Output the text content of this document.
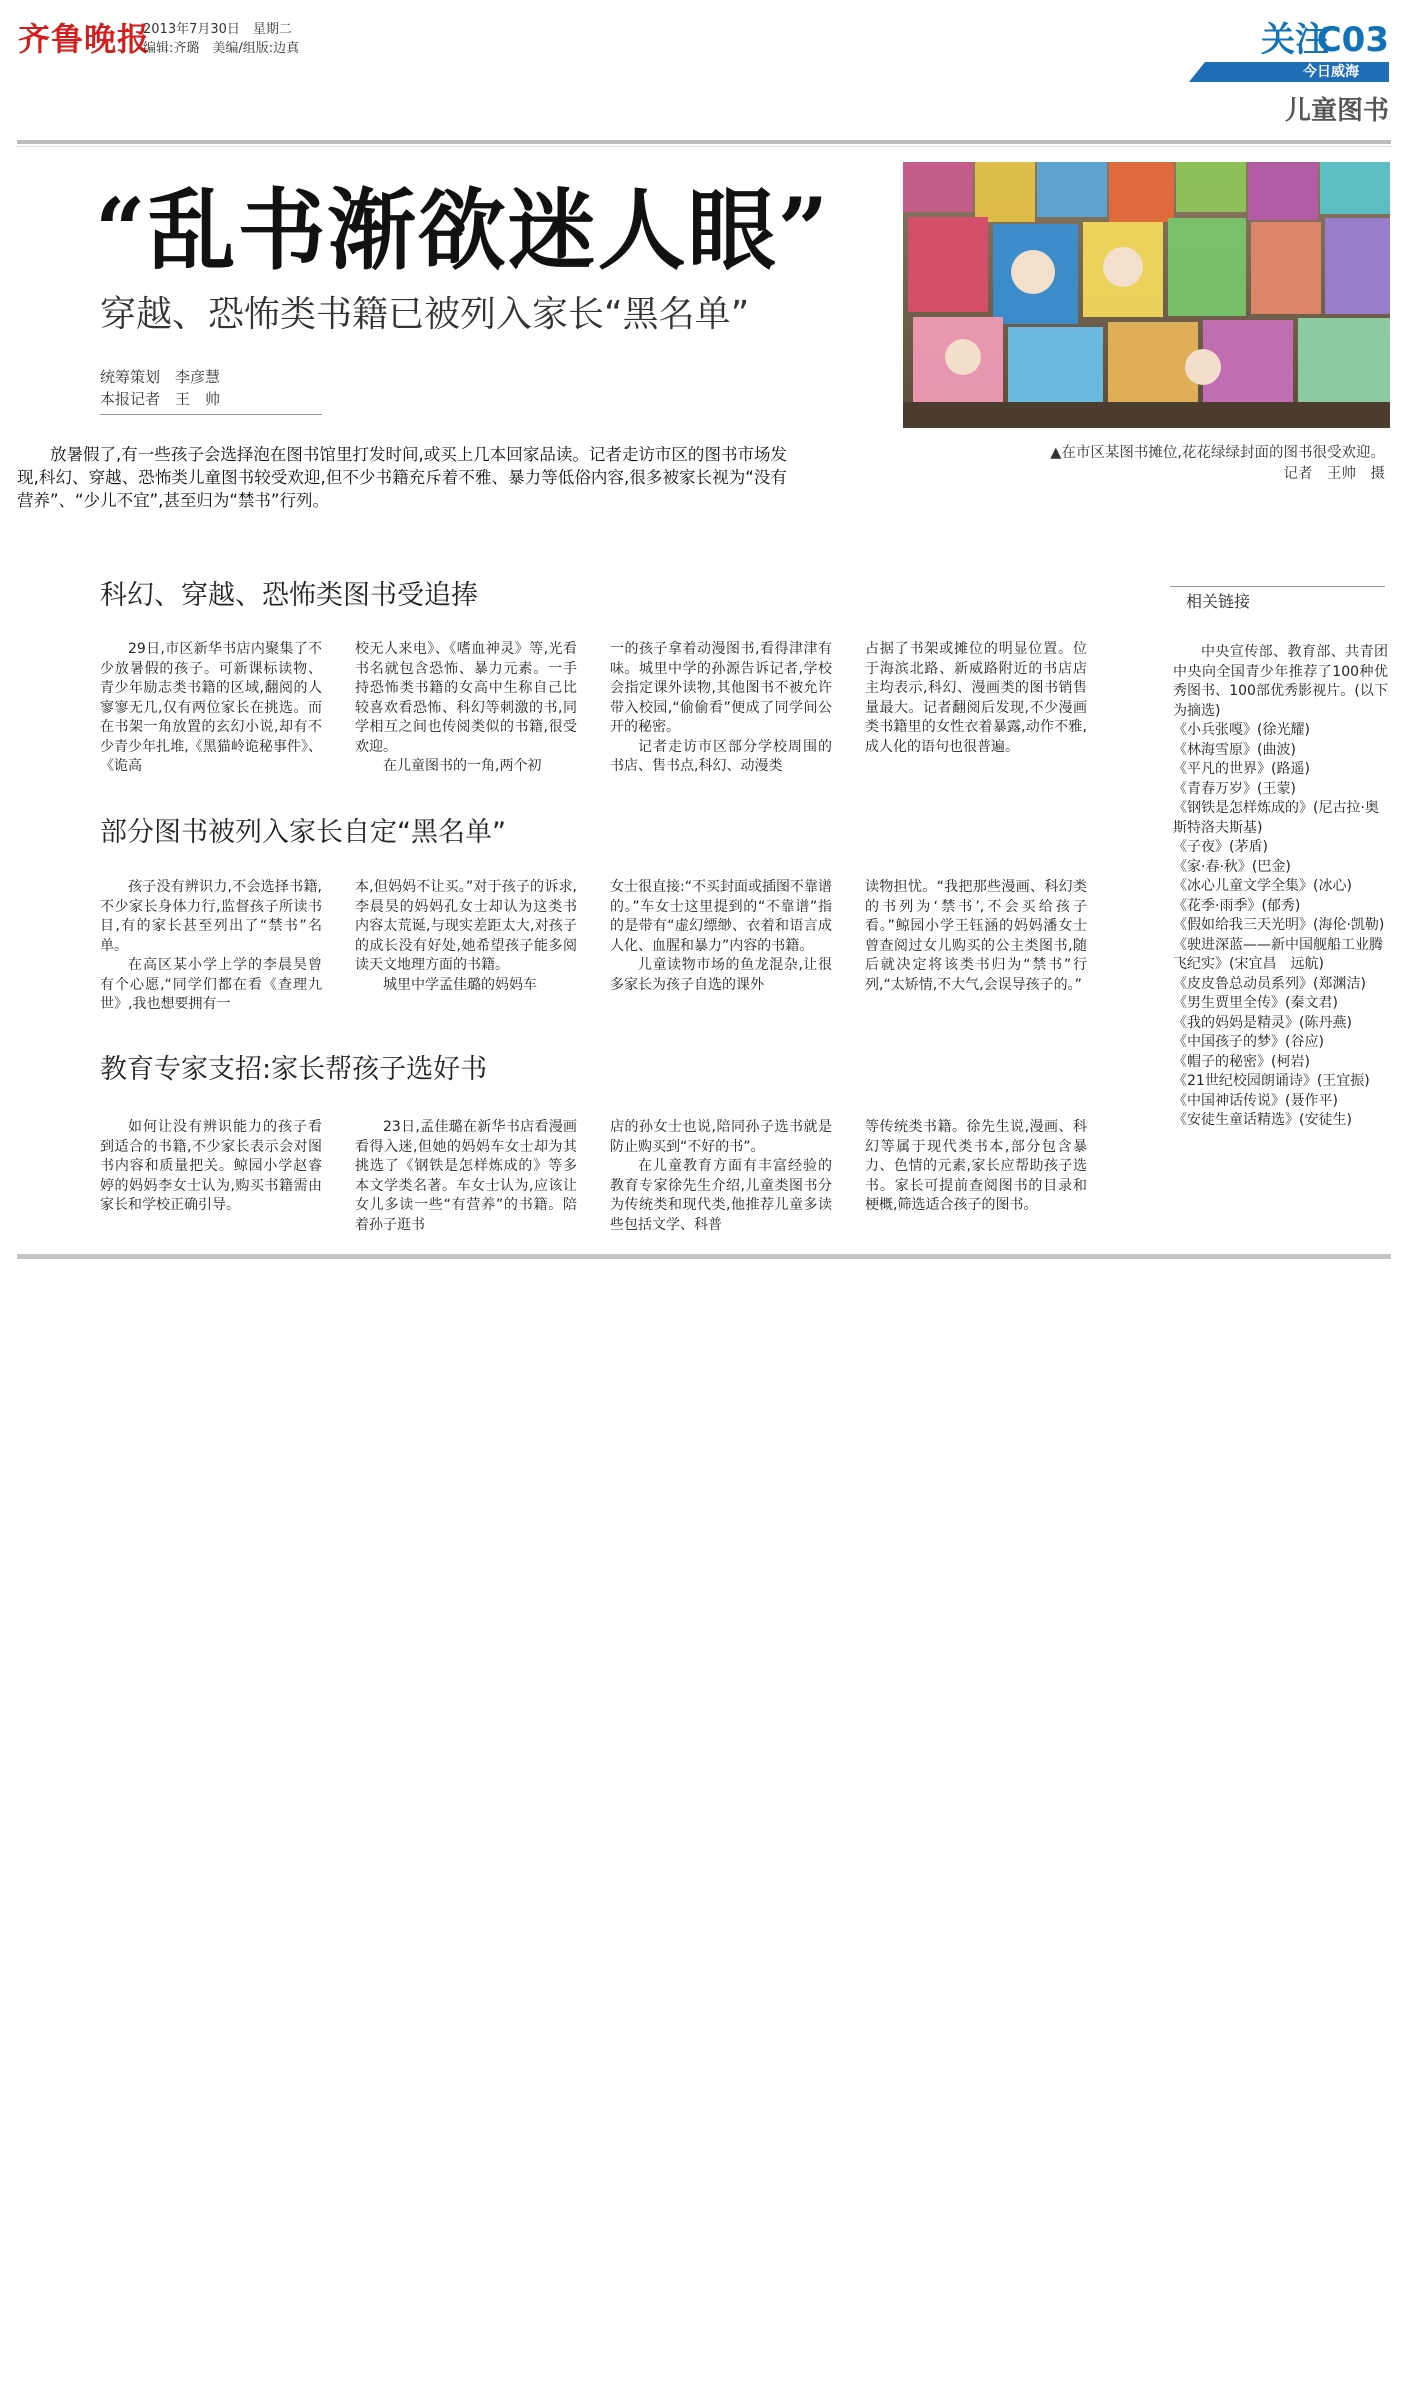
齐鲁晚报
2013年7月30日　星期二
编辑:齐璐　美编/组版:边真	关注
C03
今日威海
儿童图书
“乱书渐欲迷人眼”
穿越、恐怖类书籍已被列入家长“黑名单”
统筹策划　李彦慧
本报记者　王　帅

▲在市区某图书摊位,花花绿绿封面的图书很受欢迎。

记者　王帅　摄

放暑假了,有一些孩子会选择泡在图书馆里打发时间,或买上几本回家品读。记者走访市区的图书市场发现,科幻、穿越、恐怖类儿童图书较受欢迎,但不少书籍充斥着不雅、暴力等低俗内容,很多被家长视为“没有营养”、“少儿不宜”,甚至归为“禁书”行列。
科幻、穿越、恐怖类图书受追捧

29日,市区新华书店内聚集了不少放暑假的孩子。可新课标读物、青少年励志类书籍的区域,翻阅的人寥寥无几,仅有两位家长在挑选。而在书架一角放置的玄幻小说,却有不少青少年扎堆,《黑猫岭诡秘事件》、《诡高

校无人来电》、《嗜血神灵》等,光看书名就包含恐怖、暴力元素。一手持恐怖类书籍的女高中生称自己比较喜欢看恐怖、科幻等刺激的书,同学相互之间也传阅类似的书籍,很受欢迎。

在儿童图书的一角,两个初

一的孩子拿着动漫图书,看得津津有味。城里中学的孙源告诉记者,学校会指定课外读物,其他图书不被允许带入校园,“偷偷看”便成了同学间公开的秘密。

记者走访市区部分学校周围的书店、售书点,科幻、动漫类

占据了书架或摊位的明显位置。位于海滨北路、新威路附近的书店店主均表示,科幻、漫画类的图书销售量最大。记者翻阅后发现,不少漫画类书籍里的女性衣着暴露,动作不雅,成人化的语句也很普遍。

部分图书被列入家长自定“黑名单”

孩子没有辨识力,不会选择书籍,不少家长身体力行,监督孩子所读书目,有的家长甚至列出了“禁书”名单。

在高区某小学上学的李晨昊曾有个心愿,“同学们都在看《查理九世》,我也想要拥有一

本,但妈妈不让买。”对于孩子的诉求,李晨昊的妈妈孔女士却认为这类书内容太荒诞,与现实差距太大,对孩子的成长没有好处,她希望孩子能多阅读天文地理方面的书籍。

城里中学孟佳璐的妈妈车

女士很直接:“不买封面或插图不靠谱的。”车女士这里提到的“不靠谱”指的是带有“虚幻缥缈、衣着和语言成人化、血腥和暴力”内容的书籍。

儿童读物市场的鱼龙混杂,让很多家长为孩子自选的课外

读物担忧。“我把那些漫画、科幻类的书列为‘禁书’,不会买给孩子看。”鲸园小学王钰涵的妈妈潘女士曾查阅过女儿购买的公主类图书,随后就决定将该类书归为“禁书”行列,“太矫情,不大气,会误导孩子的。”

教育专家支招:家长帮孩子选好书

如何让没有辨识能力的孩子看到适合的书籍,不少家长表示会对图书内容和质量把关。鲸园小学赵睿婷的妈妈李女士认为,购买书籍需由家长和学校正确引导。

23日,孟佳璐在新华书店看漫画看得入迷,但她的妈妈车女士却为其挑选了《钢铁是怎样炼成的》等多本文学类名著。车女士认为,应该让女儿多读一些“有营养”的书籍。陪着孙子逛书

店的孙女士也说,陪同孙子选书就是防止购买到“不好的书”。

在儿童教育方面有丰富经验的教育专家徐先生介绍,儿童类图书分为传统类和现代类,他推荐儿童多读些包括文学、科普

等传统类书籍。徐先生说,漫画、科幻等属于现代类书本,部分包含暴力、色情的元素,家长应帮助孩子选书。家长可提前查阅图书的目录和梗概,筛选适合孩子的图书。

相关链接

中央宣传部、教育部、共青团中央向全国青少年推荐了100种优秀图书、100部优秀影视片。(以下为摘选)

《小兵张嘎》(徐光耀)
《林海雪原》(曲波)
《平凡的世界》(路遥)
《青春万岁》(王蒙)
《钢铁是怎样炼成的》(尼古拉·奥斯特洛夫斯基)
《子夜》(茅盾)
《家·春·秋》(巴金)
《冰心儿童文学全集》(冰心)
《花季·雨季》(郁秀)
《假如给我三天光明》(海伦·凯勒)
《驶进深蓝——新中国舰船工业腾飞纪实》(宋宜昌　远航)
《皮皮鲁总动员系列》(郑渊洁)
《男生贾里全传》(秦文君)
《我的妈妈是精灵》(陈丹燕)
《中国孩子的梦》(谷应)
《帽子的秘密》(柯岩)
《21世纪校园朗诵诗》(王宜振)
《中国神话传说》(聂作平)
《安徒生童话精选》(安徒生)
